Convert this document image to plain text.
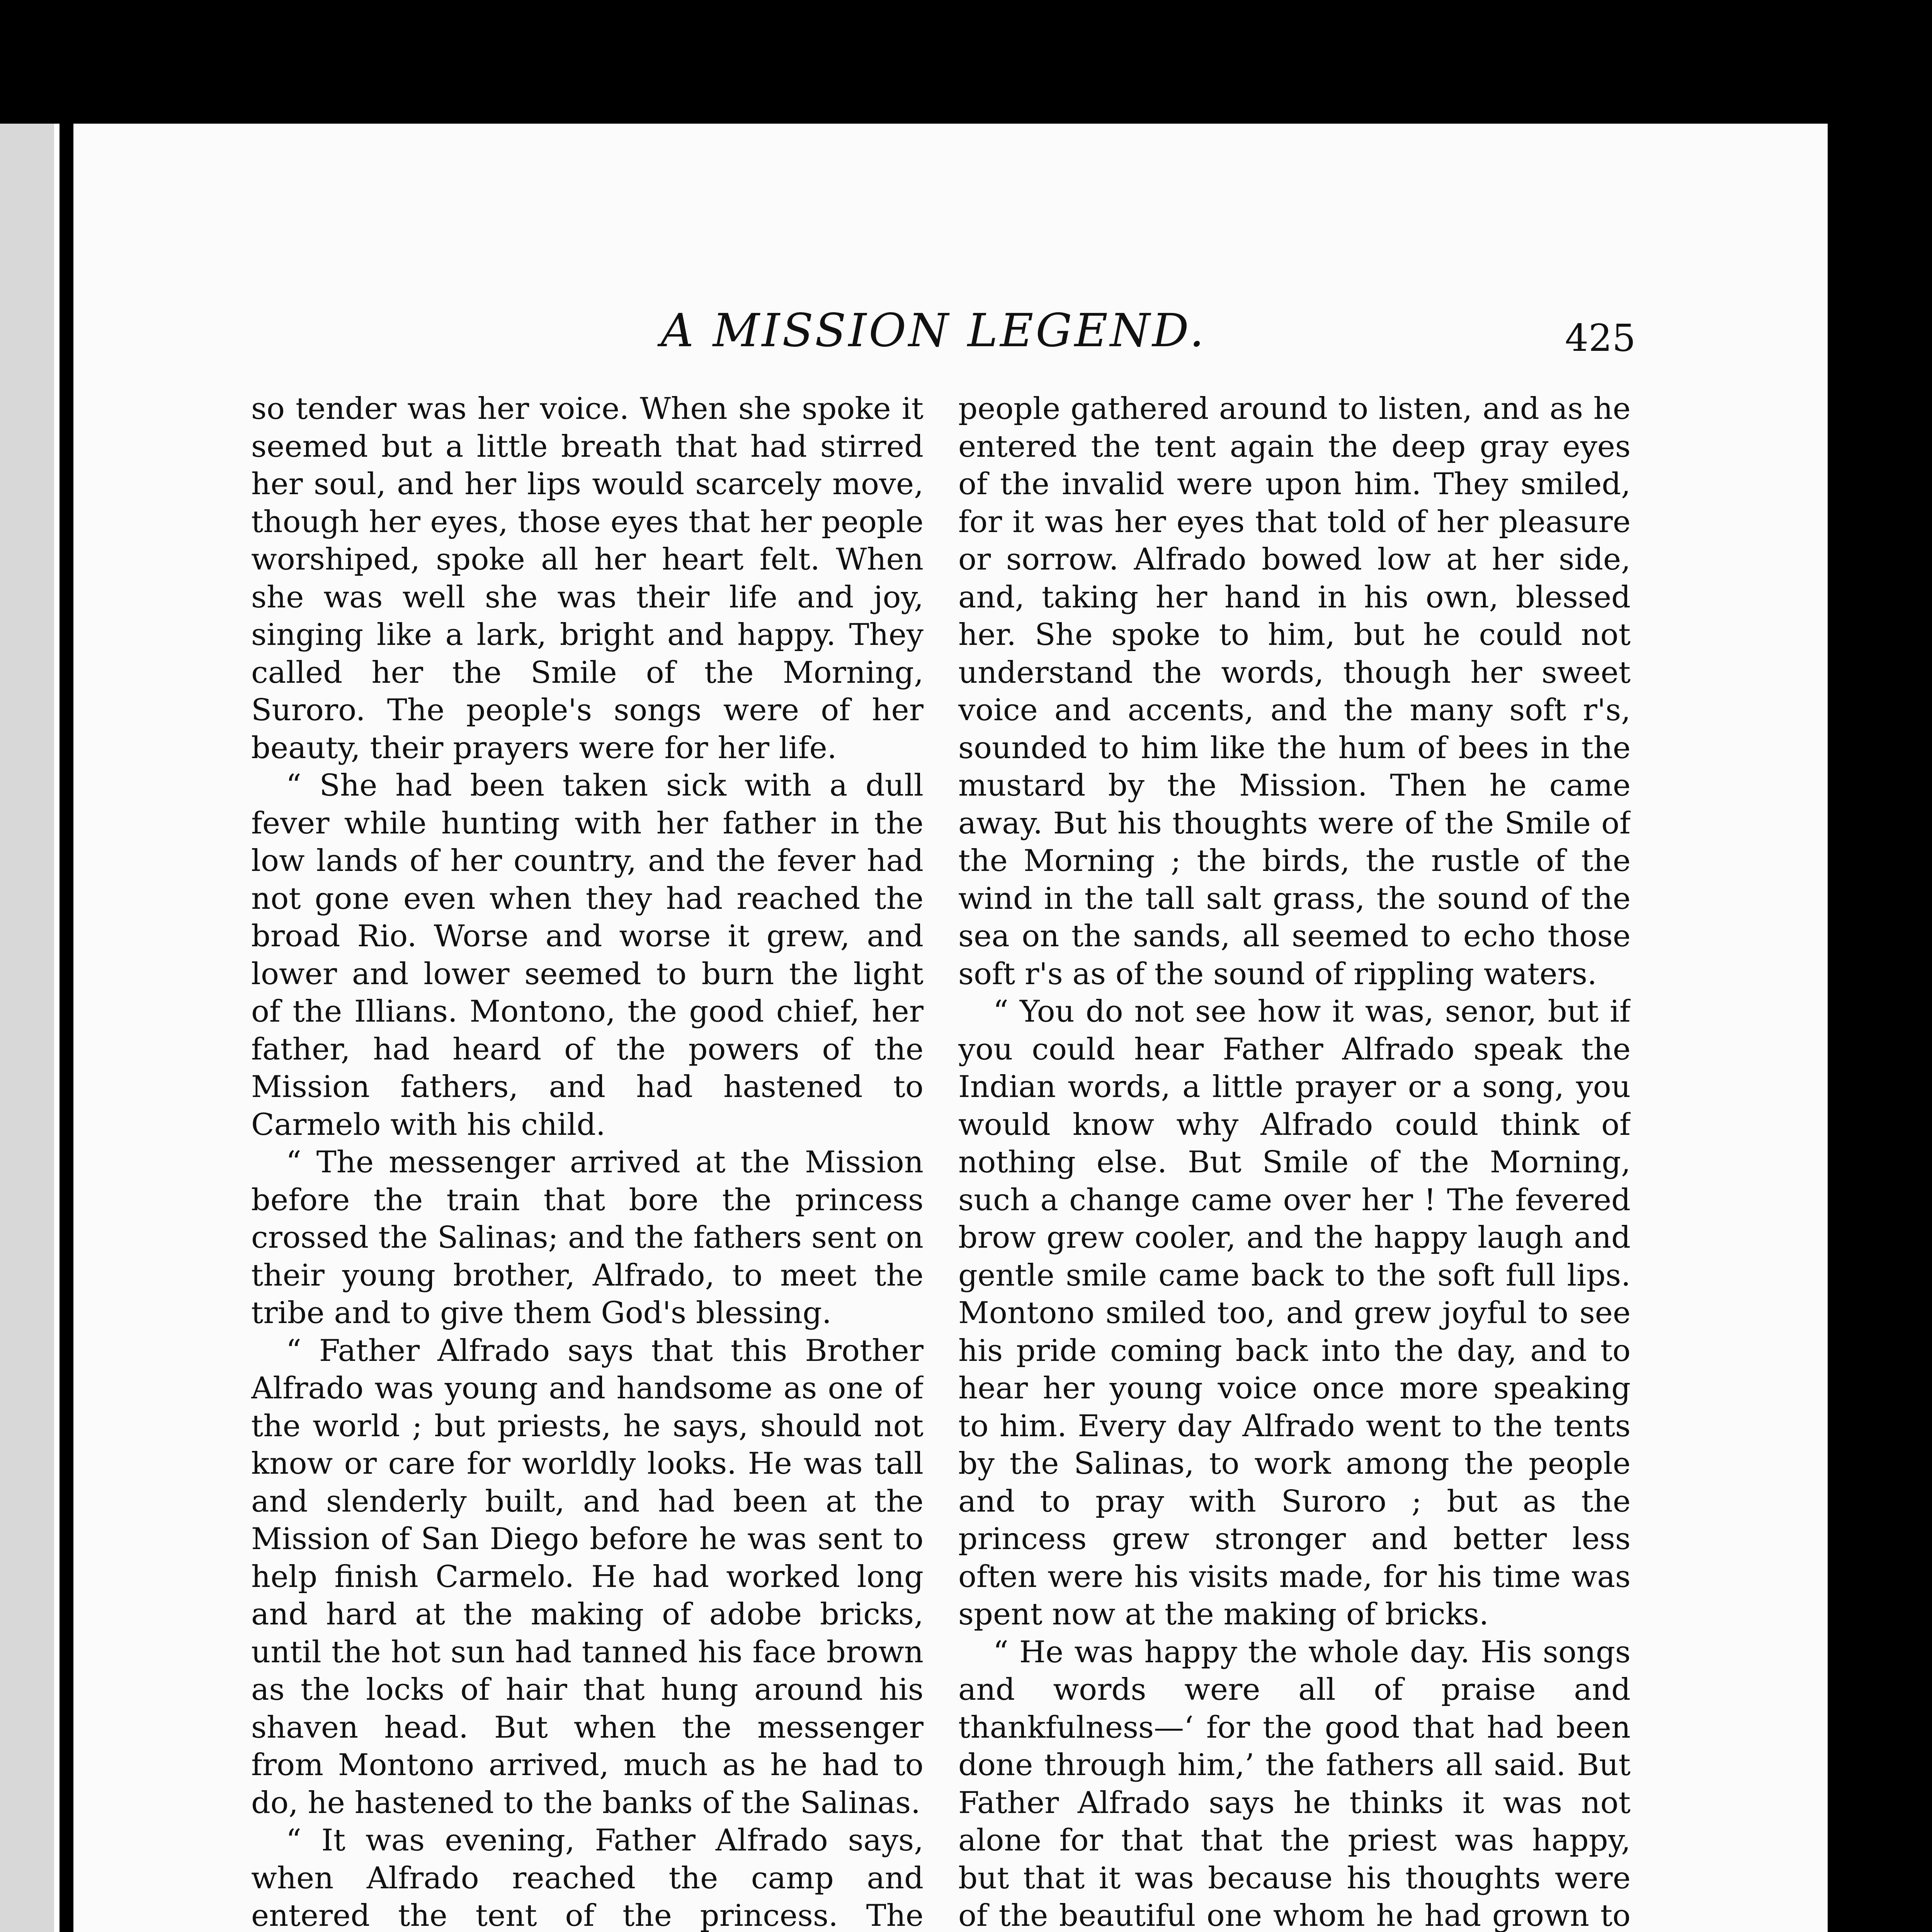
A MISSION LEGEND.	425

so tender was her voice. When she spoke it seemed but a little breath that had stirred her soul, and her lips would scarcely move, though her eyes, those eyes that her people worshiped, spoke all her heart felt. When she was well she was their life and joy, singing like a lark, bright and happy. They called her the Smile of the Morning, Suroro. The people's songs were of her beauty, their prayers were for her life.

“ She had been taken sick with a dull fever while hunting with her father in the low lands of her country, and the fever had not gone even when they had reached the broad Rio. Worse and worse it grew, and lower and lower seemed to burn the light of the Illians. Montono, the good chief, her father, had heard of the powers of the Mission fathers, and had hastened to Carmelo with his child.

“ The messenger arrived at the Mission before the train that bore the princess crossed the Salinas; and the fathers sent on their young brother, Alfrado, to meet the tribe and to give them God's blessing.

“ Father Alfrado says that this Brother Alfrado was young and handsome as one of the world ; but priests, he says, should not know or care for worldly looks. He was tall and slenderly built, and had been at the Mission of San Diego before he was sent to help finish Carmelo. He had worked long and hard at the making of adobe bricks, until the hot sun had tanned his face brown as the locks of hair that hung around his shaven head. But when the messenger from Montono arrived, much as he had to do, he hastened to the banks of the Salinas.

“ It was evening, Father Alfrado says, when Alfrado reached the camp and entered the tent of the princess. The

people gathered around to listen, and as he entered the tent again the deep gray eyes of the invalid were upon him. They smiled, for it was her eyes that told of her pleasure or sorrow. Alfrado bowed low at her side, and, taking her hand in his own, blessed her. She spoke to him, but he could not understand the words, though her sweet voice and accents, and the many soft r's, sounded to him like the hum of bees in the mustard by the Mission. Then he came away. But his thoughts were of the Smile of the Morning ; the birds, the rustle of the wind in the tall salt grass, the sound of the sea on the sands, all seemed to echo those soft r's as of the sound of rippling waters.

“ You do not see how it was, senor, but if you could hear Father Alfrado speak the Indian words, a little prayer or a song, you would know why Alfrado could think of nothing else. But Smile of the Morning, such a change came over her ! The fevered brow grew cooler, and the happy laugh and gentle smile came back to the soft full lips. Montono smiled too, and grew joyful to see his pride coming back into the day, and to hear her young voice once more speaking to him. Every day Alfrado went to the tents by the Salinas, to work among the people and to pray with Suroro ; but as the princess grew stronger and better less often were his visits made, for his time was spent now at the making of bricks.

“ He was happy the whole day. His songs and words were all of praise and thankfulness—‘ for the good that had been done through him,’ the fathers all said. But Father Alfrado says he thinks it was not alone for that that the priest was happy, but that it was because his thoughts were of the beautiful one whom he had grown to
